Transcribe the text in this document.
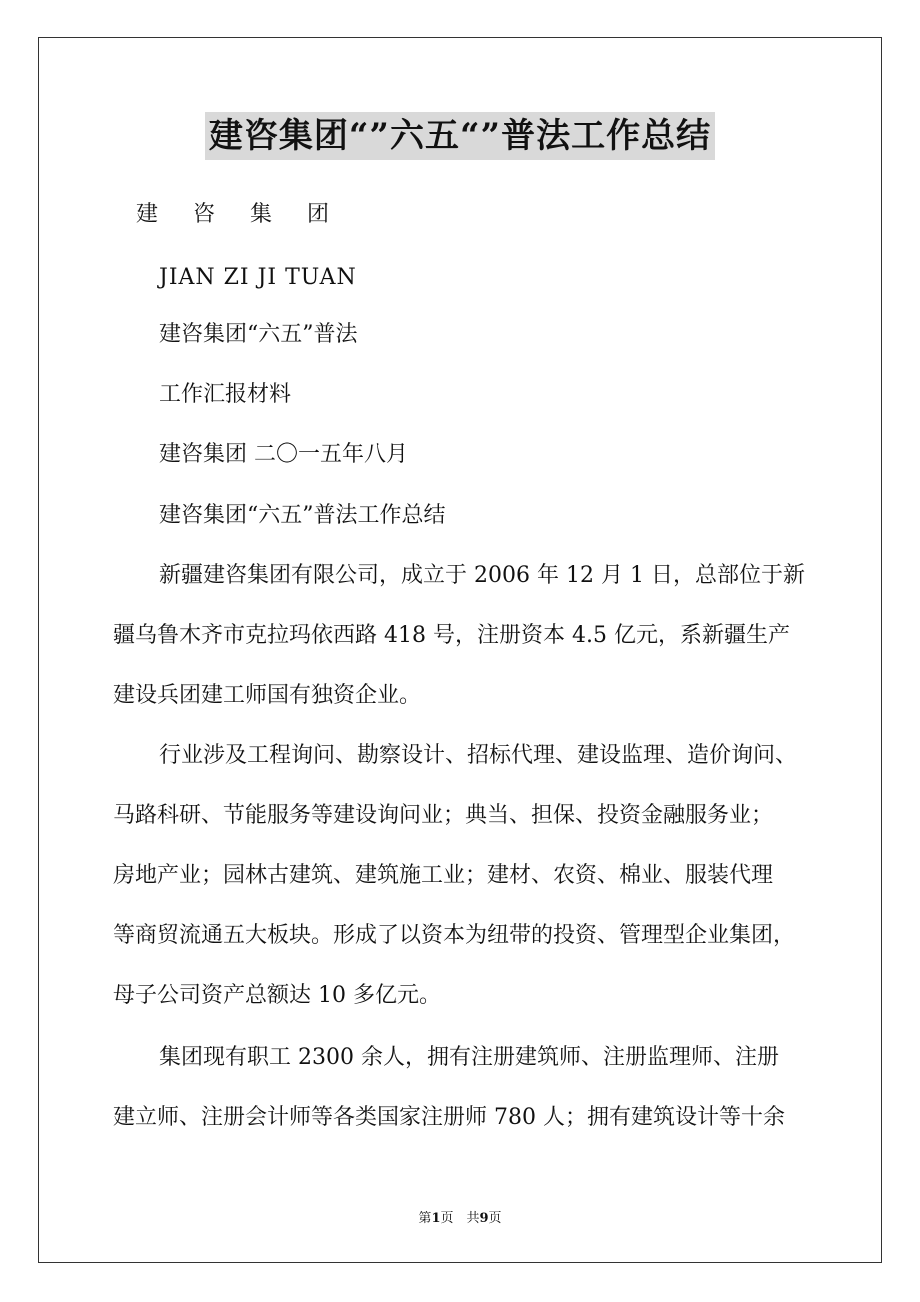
建咨集团“”六五“”普法工作总结
建 咨 集 团
JIAN ZI JI TUAN
建咨集团“六五”普法
工作汇报材料
建咨集团 二〇一五年八月
建咨集团“六五”普法工作总结
新疆建咨集团有限公司，成立于 2006 年 12 月 1 日，总部位于新
疆乌鲁木齐市克拉玛依西路 418 号，注册资本 4.5 亿元，系新疆生产
建设兵团建工师国有独资企业。
行业涉及工程询问、勘察设计、招标代理、建设监理、造价询问、
马路科研、节能服务等建设询问业；典当、担保、投资金融服务业；
房地产业；园林古建筑、建筑施工业；建材、农资、棉业、服装代理
等商贸流通五大板块。形成了以资本为纽带的投资、管理型企业集团，
母子公司资产总额达 10 多亿元。
集团现有职工 2300 余人，拥有注册建筑师、注册监理师、注册
建立师、注册会计师等各类国家注册师 780 人；拥有建筑设计等十余
第1页　共9页
